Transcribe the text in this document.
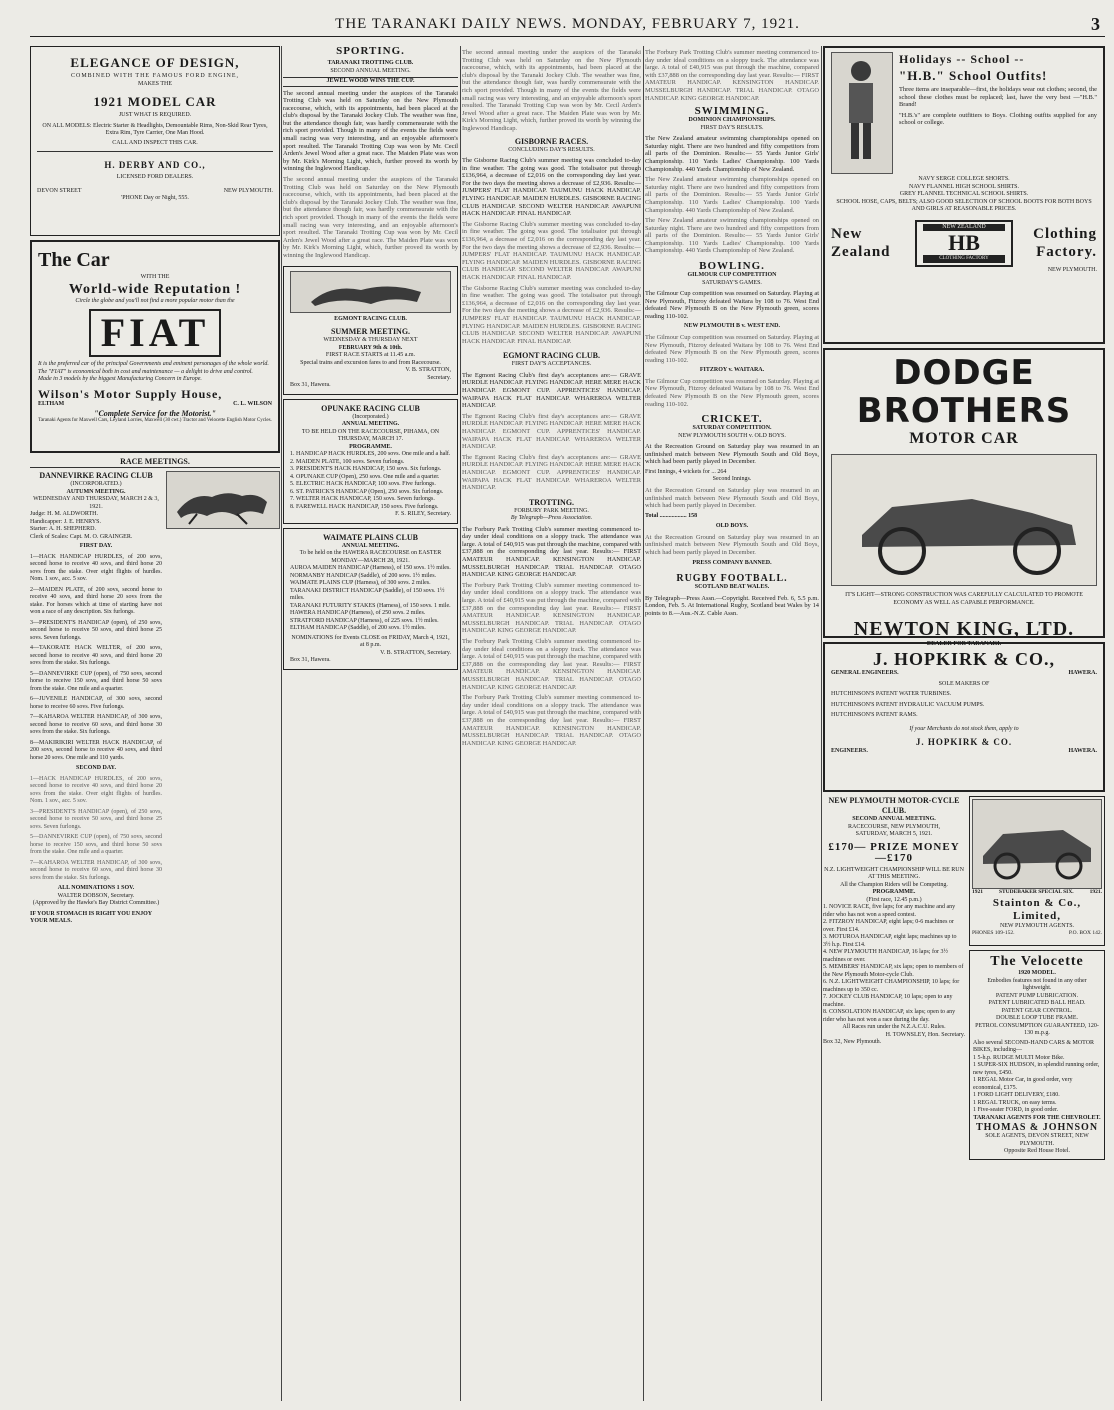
THE TARANAKI DAILY NEWS. MONDAY, FEBRUARY 7, 1921.	3
ELEGANCE OF DESIGN,
COMBINED WITH THE FAMOUS FORD ENGINE,
MAKES THE
1921 MODEL CAR
JUST WHAT IS REQUIRED.
ON ALL MODELS: Electric Starter & Headlights, Demountable Rims, Non-Skid Rear Tyres, Extra Rim, Tyre Carrier, One Man Hood.
CALL AND INSPECT THIS CAR.
H. DERBY AND CO.,
LICENSED FORD DEALERS.
DEVON STREET	NEW PLYMOUTH.
'PHONE Day or Night, 555.
The Car
WITH THE
World-wide Reputation !
Circle the globe and you'll not find a more popular motor than the
FIAT
It is the preferred car of the principal Governments and eminent personages of the whole world.
The "FIAT" is economical both in cost and maintenance — a delight to drive and control.
Made in 3 models by the biggest Manufacturing Concern in Europe.
Wilson's Motor Supply House,
ELTHAM	C. L. WILSON
"Complete Service for the Motorist."
Taranaki Agents for Maxwell Cars, Leyland Lorries, Maxwell (30 cwt.) Tractor and Velocette English Motor Cycles.
RACE MEETINGS.
DANNEVIRKE RACING CLUB
(INCORPORATED.)
AUTUMN MEETING.
WEDNESDAY AND THURSDAY, MARCH 2 & 3, 1921.
Judge: H. M. ALDWORTH.
Handicapper: J. E. HENRYS.
Starter: A. H. SHEPHERD.
Clerk of Scales: Capt. M. O. GRAINGER.
FIRST DAY.
1—HACK HANDICAP HURDLES, of 200 sovs, second horse to receive 40 sovs, and third horse 20 sovs from the stake. Over eight flights of hurdles. Nom. 1 sov., acc. 5 sov.
2—MAIDEN PLATE, of 200 sovs, second horse to receive 40 sovs, and third horse 20 sovs from the stake. For horses which at time of starting have not won a race of any description. Six furlongs.
3—PRESIDENT'S HANDICAP (open), of 250 sovs, second horse to receive 50 sovs, and third horse 25 sovs. Seven furlongs.
4—TAKORATE HACK WELTER, of 200 sovs, second horse to receive 40 sovs, and third horse 20 sovs from the stake. Six furlongs.
5—DANNEVIRKE CUP (open), of 750 sovs, second horse to receive 150 sovs, and third horse 50 sovs from the stake. One mile and a quarter.
6—JUVENILE HANDICAP, of 300 sovs, second horse to receive 60 sovs. Five furlongs.
7—KAHAROA WELTER HANDICAP, of 300 sovs, second horse to receive 60 sovs, and third horse 30 sovs from the stake. Six furlongs.
8—MAKIRIKIRI WELTER HACK HANDICAP, of 200 sovs, second horse to receive 40 sovs, and third horse 20 sovs. One mile and 110 yards.
SECOND DAY.
1—HACK HANDICAP HURDLES, of 200 sovs, second horse to receive 40 sovs, and third horse 20 sovs from the stake. Over eight flights of hurdles. Nom. 1 sov., acc. 5 sov.
3—PRESIDENT'S HANDICAP (open), of 250 sovs, second horse to receive 50 sovs, and third horse 25 sovs. Seven furlongs.
5—DANNEVIRKE CUP (open), of 750 sovs, second horse to receive 150 sovs, and third horse 50 sovs from the stake. One mile and a quarter.
7—KAHAROA WELTER HANDICAP, of 300 sovs, second horse to receive 60 sovs, and third horse 30 sovs from the stake. Six furlongs.
ALL NOMINATIONS 1 SOV.
WALTER DOBSON, Secretary.
(Approved by the Hawke's Bay District Committee.)
IF YOUR STOMACH IS RIGHT YOU ENJOY YOUR MEALS.
SPORTING.
TARANAKI TROTTING CLUB.
SECOND ANNUAL MEETING.
JEWEL WOOD WINS THE CUP.
The second annual meeting under the auspices of the Taranaki Trotting Club was held on Saturday on the New Plymouth racecourse, which, with its appointments, had been placed at the club's disposal by the Taranaki Jockey Club. The weather was fine, but the attendance though fair, was hardly commensurate with the rich sport provided. Though in many of the events the fields were small racing was very interesting, and an enjoyable afternoon's sport resulted. The Taranaki Trotting Cup was won by Mr. Cecil Arden's Jewel Wood after a great race. The Maiden Plate was won by Mr. Kirk's Morning Light, which, further proved its worth by winning the Inglewood Handicap.
The second annual meeting under the auspices of the Taranaki Trotting Club was held on Saturday on the New Plymouth racecourse, which, with its appointments, had been placed at the club's disposal by the Taranaki Jockey Club. The weather was fine, but the attendance though fair, was hardly commensurate with the rich sport provided. Though in many of the events the fields were small racing was very interesting, and an enjoyable afternoon's sport resulted. The Taranaki Trotting Cup was won by Mr. Cecil Arden's Jewel Wood after a great race. The Maiden Plate was won by Mr. Kirk's Morning Light, which, further proved its worth by winning the Inglewood Handicap.
EGMONT RACING CLUB.
SUMMER MEETING.
WEDNESDAY & THURSDAY NEXT
FEBRUARY 9th & 10th.
FIRST RACE STARTS at 11.45 a.m.
Special trains and excursion fares to and from Racecourse.
V. B. STRATTON,
Secretary.
Box 31, Hawera.
OPUNAKE RACING CLUB
(Incorporated.)
ANNUAL MEETING.
TO BE HELD ON THE RACECOURSE, PIHAMA, ON THURSDAY, MARCH 17.
PROGRAMME.
1. HANDICAP HACK HURDLES, 200 sovs. One mile and a half.
2. MAIDEN PLATE, 100 sovs. Seven furlongs.
3. PRESIDENT'S HACK HANDICAP, 150 sovs. Six furlongs.
4. OPUNAKE CUP (Open), 250 sovs. One mile and a quarter.
5. ELECTRIC HACK HANDICAP, 100 sovs. Five furlongs.
6. ST. PATRICK'S HANDICAP (Open), 250 sovs. Six furlongs.
7. WELTER HACK HANDICAP, 150 sovs. Seven furlongs.
8. FAREWELL HACK HANDICAP, 150 sovs. Five furlongs.
F. S. RILEY, Secretary.
WAIMATE PLAINS CLUB
ANNUAL MEETING.
To be held on the HAWERA RACECOURSE on EASTER MONDAY—MARCH 28, 1921.
AUROA MAIDEN HANDICAP (Harness), of 150 sovs. 1½ miles.
NORMANBY HANDICAP (Saddle), of 200 sovs. 1½ miles.
WAIMATE PLAINS CUP (Harness), of 300 sovs. 2 miles.
TARANAKI DISTRICT HANDICAP (Saddle), of 150 sovs. 1½ miles.
TARANAKI FUTURITY STAKES (Harness), of 150 sovs. 1 mile.
HAWERA HANDICAP (Harness), of 250 sovs. 2 miles.
STRATFORD HANDICAP (Harness), of 225 sovs. 1½ miles.
ELTHAM HANDICAP (Saddle), of 200 sovs. 1½ miles.
NOMINATIONS for Events CLOSE on FRIDAY, March 4, 1921, at 8 p.m.
V. B. STRATTON, Secretary.
Box 31, Hawera.
The second annual meeting under the auspices of the Taranaki Trotting Club was held on Saturday on the New Plymouth racecourse, which, with its appointments, had been placed at the club's disposal by the Taranaki Jockey Club. The weather was fine, but the attendance though fair, was hardly commensurate with the rich sport provided. Though in many of the events the fields were small racing was very interesting, and an enjoyable afternoon's sport resulted. The Taranaki Trotting Cup was won by Mr. Cecil Arden's Jewel Wood after a great race. The Maiden Plate was won by Mr. Kirk's Morning Light, which, further proved its worth by winning the Inglewood Handicap.
GISBORNE RACES.
CONCLUDING DAY'S RESULTS.
The Gisborne Racing Club's summer meeting was concluded to-day in fine weather. The going was good. The totalisator put through £136,964, a decrease of £2,016 on the corresponding day last year. For the two days the meeting shows a decrease of £2,936. Results:— JUMPERS' FLAT HANDICAP. TAUMUNU HACK HANDICAP. FLYING HANDICAP. MAIDEN HURDLES. GISBORNE RACING CLUB HANDICAP. SECOND WELTER HANDICAP. AWAPUNI HACK HANDICAP. FINAL HANDICAP.
The Gisborne Racing Club's summer meeting was concluded to-day in fine weather. The going was good. The totalisator put through £136,964, a decrease of £2,016 on the corresponding day last year. For the two days the meeting shows a decrease of £2,936. Results:— JUMPERS' FLAT HANDICAP. TAUMUNU HACK HANDICAP. FLYING HANDICAP. MAIDEN HURDLES. GISBORNE RACING CLUB HANDICAP. SECOND WELTER HANDICAP. AWAPUNI HACK HANDICAP. FINAL HANDICAP.
The Gisborne Racing Club's summer meeting was concluded to-day in fine weather. The going was good. The totalisator put through £136,964, a decrease of £2,016 on the corresponding day last year. For the two days the meeting shows a decrease of £2,936. Results:— JUMPERS' FLAT HANDICAP. TAUMUNU HACK HANDICAP. FLYING HANDICAP. MAIDEN HURDLES. GISBORNE RACING CLUB HANDICAP. SECOND WELTER HANDICAP. AWAPUNI HACK HANDICAP. FINAL HANDICAP.
EGMONT RACING CLUB.
FIRST DAY'S ACCEPTANCES.
The Egmont Racing Club's first day's acceptances are:— GRAVE HURDLE HANDICAP. FLYING HANDICAP. HERE MERE HACK HANDICAP. EGMONT CUP. APPRENTICES' HANDICAP. WAIPAPA HACK FLAT HANDICAP. WHAREROA WELTER HANDICAP.
The Egmont Racing Club's first day's acceptances are:— GRAVE HURDLE HANDICAP. FLYING HANDICAP. HERE MERE HACK HANDICAP. EGMONT CUP. APPRENTICES' HANDICAP. WAIPAPA HACK FLAT HANDICAP. WHAREROA WELTER HANDICAP.
The Egmont Racing Club's first day's acceptances are:— GRAVE HURDLE HANDICAP. FLYING HANDICAP. HERE MERE HACK HANDICAP. EGMONT CUP. APPRENTICES' HANDICAP. WAIPAPA HACK FLAT HANDICAP. WHAREROA WELTER HANDICAP.
TROTTING.
FORBURY PARK MEETING.
By Telegraph—Press Association.
The Forbury Park Trotting Club's summer meeting commenced to-day under ideal conditions on a sloppy track. The attendance was large. A total of £40,915 was put through the machine, compared with £37,888 on the corresponding day last year. Results:— FIRST AMATEUR HANDICAP. KENSINGTON HANDICAP. MUSSELBURGH HANDICAP. TRIAL HANDICAP. OTAGO HANDICAP. KING GEORGE HANDICAP.
The Forbury Park Trotting Club's summer meeting commenced to-day under ideal conditions on a sloppy track. The attendance was large. A total of £40,915 was put through the machine, compared with £37,888 on the corresponding day last year. Results:— FIRST AMATEUR HANDICAP. KENSINGTON HANDICAP. MUSSELBURGH HANDICAP. TRIAL HANDICAP. OTAGO HANDICAP. KING GEORGE HANDICAP.
The Forbury Park Trotting Club's summer meeting commenced to-day under ideal conditions on a sloppy track. The attendance was large. A total of £40,915 was put through the machine, compared with £37,888 on the corresponding day last year. Results:— FIRST AMATEUR HANDICAP. KENSINGTON HANDICAP. MUSSELBURGH HANDICAP. TRIAL HANDICAP. OTAGO HANDICAP. KING GEORGE HANDICAP.
The Forbury Park Trotting Club's summer meeting commenced to-day under ideal conditions on a sloppy track. The attendance was large. A total of £40,915 was put through the machine, compared with £37,888 on the corresponding day last year. Results:— FIRST AMATEUR HANDICAP. KENSINGTON HANDICAP. MUSSELBURGH HANDICAP. TRIAL HANDICAP. OTAGO HANDICAP. KING GEORGE HANDICAP.
The Forbury Park Trotting Club's summer meeting commenced to-day under ideal conditions on a sloppy track. The attendance was large. A total of £40,915 was put through the machine, compared with £37,888 on the corresponding day last year. Results:— FIRST AMATEUR HANDICAP. KENSINGTON HANDICAP. MUSSELBURGH HANDICAP. TRIAL HANDICAP. OTAGO HANDICAP. KING GEORGE HANDICAP.
SWIMMING.
DOMINION CHAMPIONSHIPS.
FIRST DAY'S RESULTS.
The New Zealand amateur swimming championships opened on Saturday night. There are two hundred and fifty competitors from all parts of the Dominion. Results:— 55 Yards Junior Girls' Championship. 110 Yards Ladies' Championship. 100 Yards Championship. 440 Yards Championship of New Zealand.
The New Zealand amateur swimming championships opened on Saturday night. There are two hundred and fifty competitors from all parts of the Dominion. Results:— 55 Yards Junior Girls' Championship. 110 Yards Ladies' Championship. 100 Yards Championship. 440 Yards Championship of New Zealand.
The New Zealand amateur swimming championships opened on Saturday night. There are two hundred and fifty competitors from all parts of the Dominion. Results:— 55 Yards Junior Girls' Championship. 110 Yards Ladies' Championship. 100 Yards Championship. 440 Yards Championship of New Zealand.
BOWLING.
GILMOUR CUP COMPETITION
SATURDAY'S GAMES.
The Gilmour Cup competition was resumed on Saturday. Playing at New Plymouth, Fitzroy defeated Waitara by 108 to 76. West End defeated New Plymouth B on the New Plymouth green, scores reading 110-102.
NEW PLYMOUTH B v. WEST END.
The Gilmour Cup competition was resumed on Saturday. Playing at New Plymouth, Fitzroy defeated Waitara by 108 to 76. West End defeated New Plymouth B on the New Plymouth green, scores reading 110-102.
FITZROY v. WAITARA.
The Gilmour Cup competition was resumed on Saturday. Playing at New Plymouth, Fitzroy defeated Waitara by 108 to 76. West End defeated New Plymouth B on the New Plymouth green, scores reading 110-102.
CRICKET.
SATURDAY COMPETITION.
NEW PLYMOUTH SOUTH v. OLD BOYS.
At the Recreation Ground on Saturday play was resumed in an unfinished match between New Plymouth South and Old Boys, which had been partly played in December.
First Innings, 4 wickets for ... 264
Second Innings.
At the Recreation Ground on Saturday play was resumed in an unfinished match between New Plymouth South and Old Boys, which had been partly played in December.
Total .................. 158
OLD BOYS.
At the Recreation Ground on Saturday play was resumed in an unfinished match between New Plymouth South and Old Boys, which had been partly played in December.
PRESS COMPANY BANNED.
RUGBY FOOTBALL.
SCOTLAND BEAT WALES.
By Telegraph—Press Assn.—Copyright. Received Feb. 6, 5.5 p.m. London, Feb. 5. At International Rugby, Scotland beat Wales by 14 points to 8.—Aus.-N.Z. Cable Assn.
Holidays -- School --
"H.B." School Outfits!
Three items are inseparable—first, the holidays wear out clothes; second, the school these clothes must be replaced; last, have the very best —"H.B." Brand!
"H.B.'s" are complete outfitters to Boys. Clothing outfits supplied for any school or college.
NAVY SERGE COLLEGE SHORTS.
NAVY FLANNEL HIGH SCHOOL SHIRTS.
GREY FLANNEL TECHNICAL SCHOOL SHIRTS.
SCHOOL HOSE, CAPS, BELTS; ALSO GOOD SELECTION OF SCHOOL BOOTS FOR BOTH BOYS AND GIRLS AT REASONABLE PRICES.
New Zealand
NEW ZEALAND
HB
CLOTHING FACTORY
Clothing Factory.
NEW PLYMOUTH.
DODGE BROTHERS
MOTOR CAR
IT'S LIGHT—STRONG CONSTRUCTION WAS CAREFULLY CALCULATED TO PROMOTE ECONOMY AS WELL AS CAPABLE PERFORMANCE.
NEWTON KING, LTD.
DEALER FOR TARANAKI.
J. HOPKIRK & CO.,
GENERAL ENGINEERS.	HAWERA.
SOLE MAKERS OF
HUTCHINSON'S PATENT WATER TURBINES.
HUTCHINSON'S PATENT HYDRAULIC VACUUM PUMPS.
HUTCHINSON'S PATENT RAMS.
If your Merchants do not stock them, apply to
J. HOPKIRK & CO.
ENGINEERS.	HAWERA.
NEW PLYMOUTH MOTOR-CYCLE CLUB.
SECOND ANNUAL MEETING.
RACECOURSE, NEW PLYMOUTH,
SATURDAY, MARCH 5, 1921.
£170— PRIZE MONEY —£170
N.Z. LIGHTWEIGHT CHAMPIONSHIP WILL BE RUN AT THIS MEETING.
All the Champion Riders will be Competing.
PROGRAMME.
(First race, 12.45 p.m.)
1. NOVICE RACE, five laps; for any machine and any rider who has not won a speed contest.
2. FITZROY HANDICAP, eight laps; 0-6 machines or over. First £14.
3. MOTUROA HANDICAP, eight laps; machines up to 3½ h.p. First £14.
4. NEW PLYMOUTH HANDICAP, 16 laps; for 3½ machines or over.
5. MEMBERS' HANDICAP, six laps; open to members of the New Plymouth Motor-cycle Club.
6. N.Z. LIGHTWEIGHT CHAMPIONSHIP, 10 laps; for machines up to 350 cc.
7. JOCKEY CLUB HANDICAP, 10 laps; open to any machine.
8. CONSOLATION HANDICAP, six laps; open to any rider who has not won a race during the day.
All Races run under the N.Z.A.C.U. Rules.
H. TOWNSLEY, Hon. Secretary.
Box 32, New Plymouth.
1921	STUDEBAKER SPECIAL SIX.	1921.
Stainton & Co., Limited,
NEW PLYMOUTH AGENTS.
PHONES 109-152.	P.O. BOX 142.
The Velocette
1920 MODEL.
Embodies features not found in any other lightweight.
PATENT PUMP LUBRICATION.
PATENT LUBRICATED BALL HEAD.
PATENT GEAR CONTROL.
DOUBLE LOOP TUBE FRAME.
PETROL CONSUMPTION GUARANTEED, 120-130 m.p.g.
Also several SECOND-HAND CARS & MOTOR BIKES, including—
1 5-h.p. RUDGE MULTI Motor Bike.
1 SUPER-SIX HUDSON, in splendid running order, new tyres, £450.
1 REGAL Motor Car, in good order, very economical, £175.
1 FORD LIGHT DELIVERY, £180.
1 REGAL TRUCK, on easy terms.
1 Five-seater FORD, in good order.
TARANAKI AGENTS FOR THE CHEVROLET.
THOMAS & JOHNSON
SOLE AGENTS, DEVON STREET, NEW PLYMOUTH.
Opposite Red House Hotel.
